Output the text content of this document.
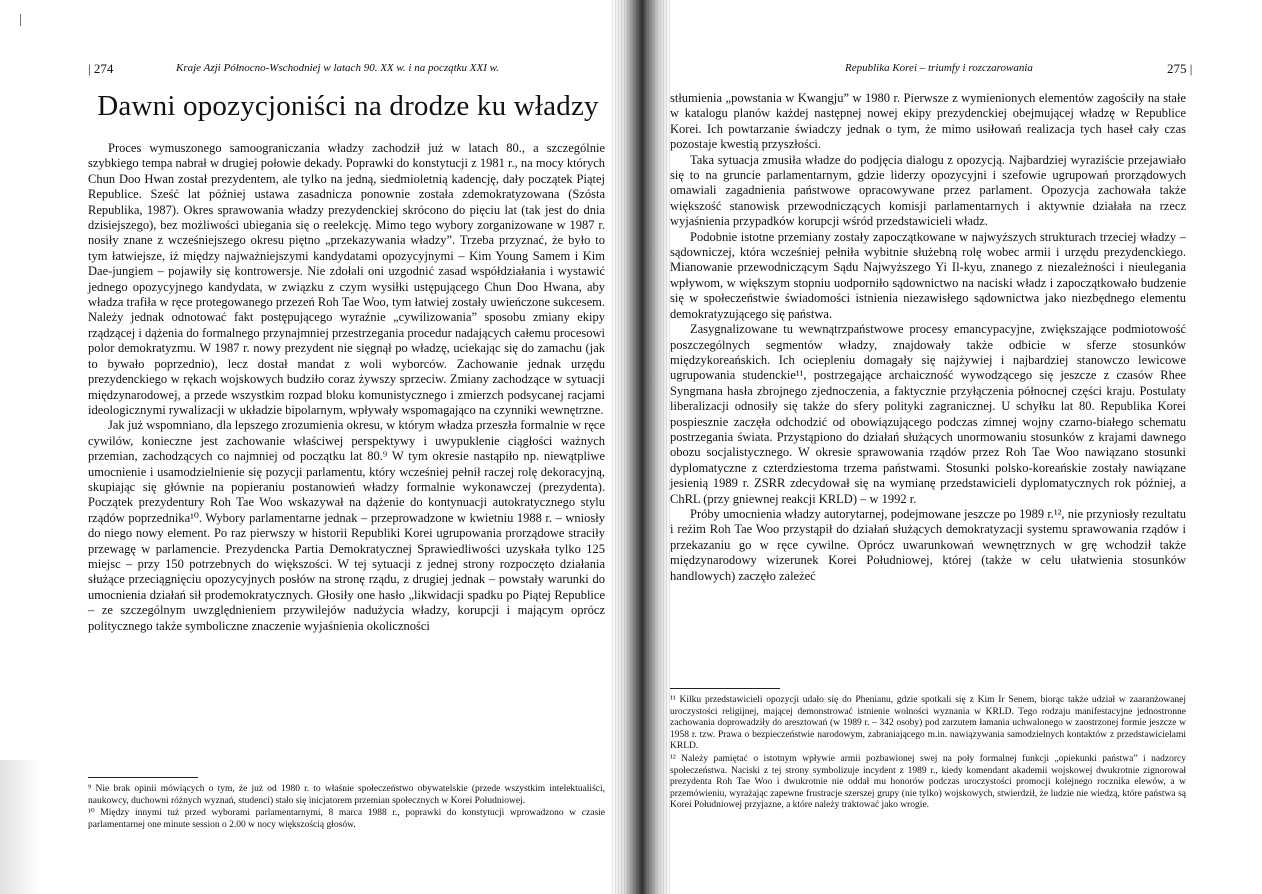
| 274	Kraje Azji Północno-Wschodniej w latach 90. XX w. i na początku XXI w.
Dawni opozycjoniści na drodze ku władzy

Proces wymuszonego samoograniczania władzy zachodził już w latach 80., a szczególnie szybkiego tempa nabrał w drugiej połowie dekady. Poprawki do konstytucji z 1981 r., na mocy których Chun Doo Hwan został prezydentem, ale tylko na jedną, siedmioletnią kadencję, dały początek Piątej Republice. Sześć lat później ustawa zasadnicza ponownie została zdemokratyzowana (Szósta Republika, 1987). Okres sprawowania władzy prezydenckiej skrócono do pięciu lat (tak jest do dnia dzisiejszego), bez możliwości ubiegania się o reelekcję. Mimo tego wybory zorganizowane w 1987 r. nosiły znane z wcześniejszego okresu piętno „przekazywania władzy”. Trzeba przyznać, że było to tym łatwiejsze, iż między najważniejszymi kandydatami opozycyjnymi – Kim Young Samem i Kim Dae-jungiem – pojawiły się kontrowersje. Nie zdołali oni uzgodnić zasad współdziałania i wystawić jednego opozycyjnego kandydata, w związku z czym wysiłki ustępującego Chun Doo Hwana, aby władza trafiła w ręce protegowanego przezeń Roh Tae Woo, tym łatwiej zostały uwieńczone sukcesem. Należy jednak odnotować fakt postępującego wyraźnie „cywilizowania” sposobu zmiany ekipy rządzącej i dążenia do formalnego przynajmniej przestrzegania procedur nadających całemu procesowi polor demokratyzmu. W 1987 r. nowy prezydent nie sięgnął po władzę, uciekając się do zamachu (jak to bywało poprzednio), lecz dostał mandat z woli wyborców. Zachowanie jednak urzędu prezydenckiego w rękach wojskowych budziło coraz żywszy sprzeciw. Zmiany zachodzące w sytuacji międzynarodowej, a przede wszystkim rozpad bloku komunistycznego i zmierzch podsycanej racjami ideologicznymi rywalizacji w układzie bipolarnym, wpływały wspomagająco na czynniki wewnętrzne.

Jak już wspomniano, dla lepszego zrozumienia okresu, w którym władza przeszła formalnie w ręce cywilów, konieczne jest zachowanie właściwej perspektywy i uwypuklenie ciągłości ważnych przemian, zachodzących co najmniej od początku lat 80.⁹ W tym okresie nastąpiło np. niewątpliwe umocnienie i usamodzielnienie się pozycji parlamentu, który wcześniej pełnił raczej rolę dekoracyjną, skupiając się głównie na popieraniu postanowień władzy formalnie wykonawczej (prezydenta). Początek prezydentury Roh Tae Woo wskazywał na dążenie do kontynuacji autokratycznego stylu rządów poprzednika¹⁰. Wybory parlamentarne jednak – przeprowadzone w kwietniu 1988 r. – wniosły do niego nowy element. Po raz pierwszy w historii Republiki Korei ugrupowania prorządowe straciły przewagę w parlamencie. Prezydencka Partia Demokratycznej Sprawiedliwości uzyskała tylko 125 miejsc – przy 150 potrzebnych do większości. W tej sytuacji z jednej strony rozpoczęto działania służące przeciągnięciu opozycyjnych posłów na stronę rządu, z drugiej jednak – powstały warunki do umocnienia działań sił prodemokratycznych. Głosiły one hasło „likwidacji spadku po Piątej Republice – ze szczególnym uwzględnieniem przywilejów nadużycia władzy, korupcji i mającym oprócz politycznego także symboliczne znaczenie wyjaśnienia okoliczności

⁹ Nie brak opinii mówiących o tym, że już od 1980 r. to właśnie społeczeństwo obywatelskie (przede wszystkim intelektualiści, naukowcy, duchowni różnych wyznań, studenci) stało się inicjatorem przemian społecznych w Korei Południowej.

¹⁰ Między innymi tuż przed wyborami parlamentarnymi, 8 marca 1988 r., poprawki do konstytucji wprowadzono w czasie parlamentarnej one minute session o 2.00 w nocy większością głosów.

Republika Korei – triumfy i rozczarowania	275 |

stłumienia „powstania w Kwangju” w 1980 r. Pierwsze z wymienionych elementów zagościły na stałe w katalogu planów każdej następnej nowej ekipy prezydenckiej obejmującej władzę w Republice Korei. Ich powtarzanie świadczy jednak o tym, że mimo usiłowań realizacja tych haseł cały czas pozostaje kwestią przyszłości.

Taka sytuacja zmusiła władze do podjęcia dialogu z opozycją. Najbardziej wyraziście przejawiało się to na gruncie parlamentarnym, gdzie liderzy opozycyjni i szefowie ugrupowań prorządowych omawiali zagadnienia państwowe opracowywane przez parlament. Opozycja zachowała także większość stanowisk przewodniczących komisji parlamentarnych i aktywnie działała na rzecz wyjaśnienia przypadków korupcji wśród przedstawicieli władz.

Podobnie istotne przemiany zostały zapoczątkowane w najwyższych strukturach trzeciej władzy – sądowniczej, która wcześniej pełniła wybitnie służebną rolę wobec armii i urzędu prezydenckiego. Mianowanie przewodniczącym Sądu Najwyższego Yi Il-kyu, znanego z niezależności i nieulegania wpływom, w większym stopniu uodporniło sądownictwo na naciski władz i zapoczątkowało budzenie się w społeczeństwie świadomości istnienia niezawisłego sądownictwa jako niezbędnego elementu demokratyzującego się państwa.

Zasygnalizowane tu wewnątrzpaństwowe procesy emancypacyjne, zwiększające podmiotowość poszczególnych segmentów władzy, znajdowały także odbicie w sferze stosunków międzykoreańskich. Ich ociepleniu domagały się najżywiej i najbardziej stanowczo lewicowe ugrupowania studenckie¹¹, postrzegające archaiczność wywodzącego się jeszcze z czasów Rhee Syngmana hasła zbrojnego zjednoczenia, a faktycznie przyłączenia północnej części kraju. Postulaty liberalizacji odnosiły się także do sfery polityki zagranicznej. U schyłku lat 80. Republika Korei pospiesznie zaczęła odchodzić od obowiązującego podczas zimnej wojny czarno-białego schematu postrzegania świata. Przystąpiono do działań służących unormowaniu stosunków z krajami dawnego obozu socjalistycznego. W okresie sprawowania rządów przez Roh Tae Woo nawiązano stosunki dyplomatyczne z czterdziestoma trzema państwami. Stosunki polsko-koreańskie zostały nawiązane jesienią 1989 r. ZSRR zdecydował się na wymianę przedstawicieli dyplomatycznych rok później, a ChRL (przy gniewnej reakcji KRLD) – w 1992 r.

Próby umocnienia władzy autorytarnej, podejmowane jeszcze po 1989 r.¹², nie przyniosły rezultatu i reżim Roh Tae Woo przystąpił do działań służących demokratyzacji systemu sprawowania rządów i przekazaniu go w ręce cywilne. Oprócz uwarunkowań wewnętrznych w grę wchodził także międzynarodowy wizerunek Korei Południowej, której (także w celu ułatwienia stosunków handlowych) zaczęło zależeć

¹¹ Kilku przedstawicieli opozycji udało się do Phenianu, gdzie spotkali się z Kim Ir Senem, biorąc także udział w zaaranżowanej uroczystości religijnej, mającej demonstrować istnienie wolności wyznania w KRLD. Tego rodzaju manifestacyjne jednostronne zachowania doprowadziły do aresztowań (w 1989 r. – 342 osoby) pod zarzutem łamania uchwalonego w zaostrzonej formie jeszcze w 1958 r. tzw. Prawa o bezpieczeństwie narodowym, zabraniającego m.in. nawiązywania samodzielnych kontaktów z przedstawicielami KRLD.

¹² Należy pamiętać o istotnym wpływie armii pozbawionej swej na poły formalnej funkcji „opiekunki państwa” i nadzorcy społeczeństwa. Naciski z tej strony symbolizuje incydent z 1989 r., kiedy komendant akademii wojskowej dwukrotnie zignorował prezydenta Roh Tae Woo i dwukrotnie nie oddał mu honorów podczas uroczystości promocji kolejnego rocznika elewów, a w przemówieniu, wyrażając zapewne frustracje szerszej grupy (nie tylko) wojskowych, stwierdził, że ludzie nie wiedzą, które państwa są Korei Południowej przyjazne, a które należy traktować jako wrogie.
